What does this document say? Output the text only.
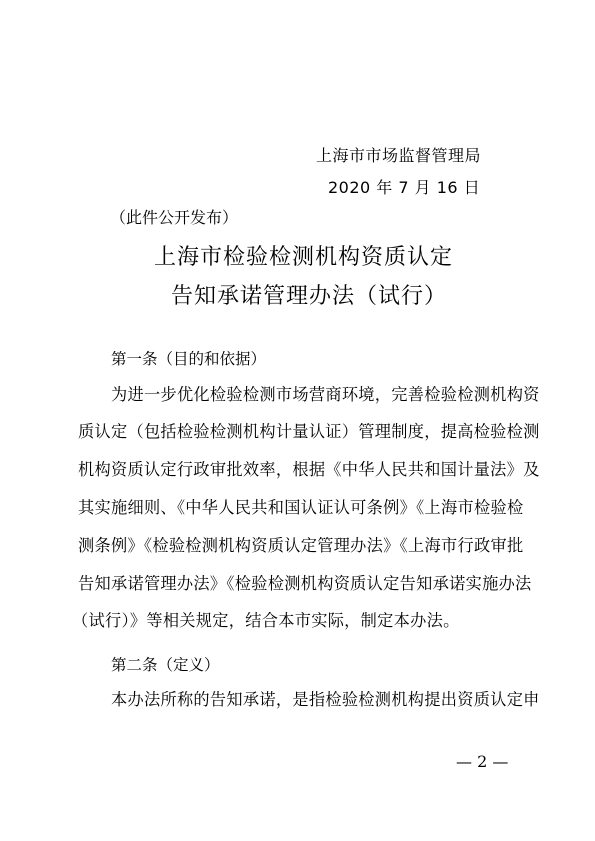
上海市市场监督管理局
2020 年 7 月 16 日
（此件公开发布）
上海市检验检测机构资质认定
告知承诺管理办法（试行）
第一条（目的和依据）
为进一步优化检验检测市场营商环境，完善检验检测机构资
质认定（包括检验检测机构计量认证）管理制度，提高检验检测
机构资质认定行政审批效率，根据《中华人民共和国计量法》及
其实施细则、《中华人民共和国认证认可条例》《上海市检验检
测条例》《检验检测机构资质认定管理办法》《上海市行政审批
告知承诺管理办法》《检验检测机构资质认定告知承诺实施办法
（试行）》等相关规定，结合本市实际，制定本办法。
第二条（定义）
本办法所称的告知承诺，是指检验检测机构提出资质认定申
— 2 —
